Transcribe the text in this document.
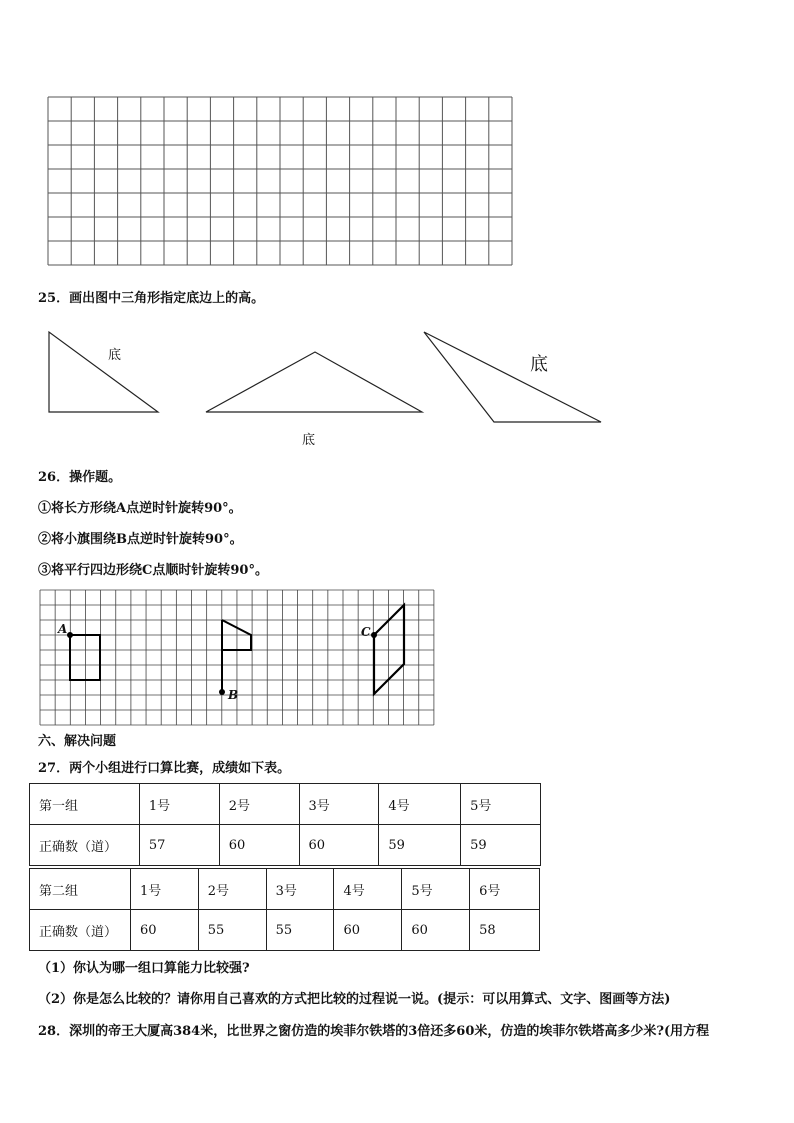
25．画出图中三角形指定底边上的高。
底
底
底
26．操作题。
①将长方形绕A点逆时针旋转90°。
②将小旗围绕B点逆时针旋转90°。
③将平行四边形绕C点顺时针旋转90°。
A
B
C
六、解决问题
27．两个小组进行口算比赛，成绩如下表。
第一组	1号	2号	3号	4号	5号
正确数（道）	57	60	60	59	59
第二组	1号	2号	3号	4号	5号	6号
正确数（道）	60	55	55	60	60	58
（1）你认为哪一组口算能力比较强?
（2）你是怎么比较的？请你用自己喜欢的方式把比较的过程说一说。(提示：可以用算式、文字、图画等方法)
28．深圳的帝王大厦高384米，比世界之窗仿造的埃菲尔铁塔的3倍还多60米，仿造的埃菲尔铁塔高多少米?(用方程
